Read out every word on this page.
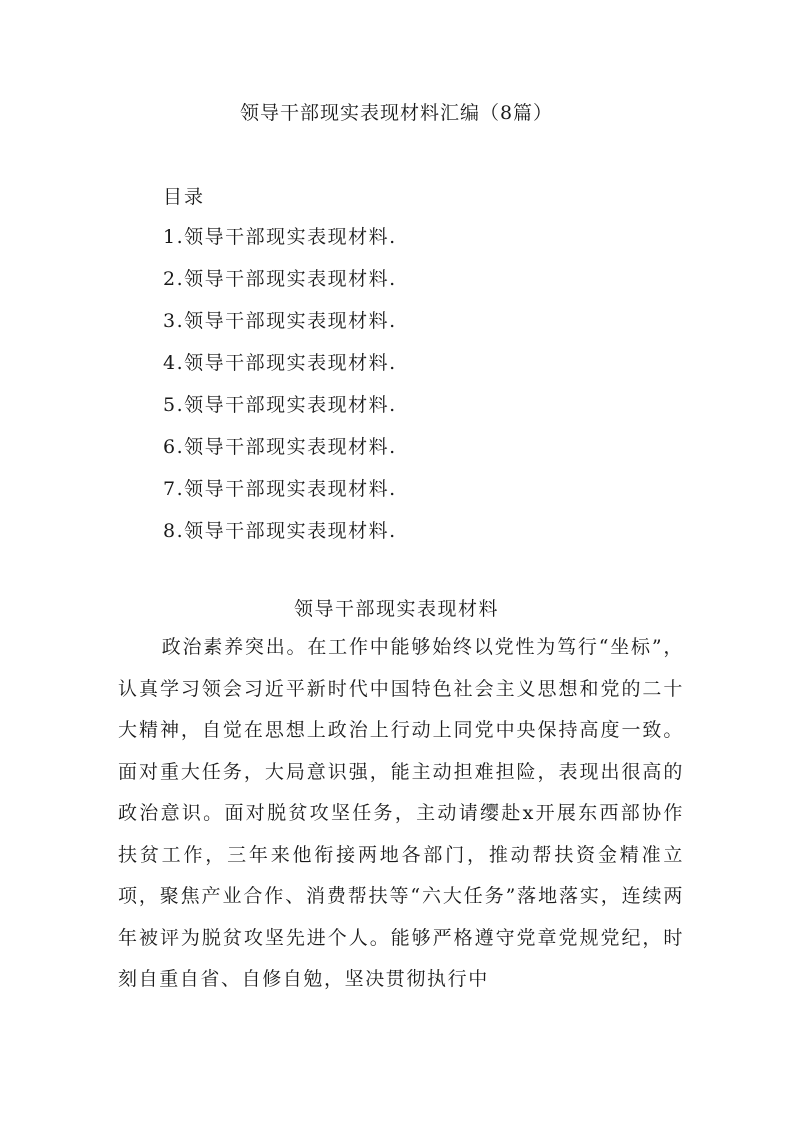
领导干部现实表现材料汇编（8篇）
目录
1.领导干部现实表现材料.
2.领导干部现实表现材料.
3.领导干部现实表现材料.
4.领导干部现实表现材料.
5.领导干部现实表现材料.
6.领导干部现实表现材料.
7.领导干部现实表现材料.
8.领导干部现实表现材料.
领导干部现实表现材料

政治素养突出。在工作中能够始终以党性为笃行“坐标”，认真学习领会习近平新时代中国特色社会主义思想和党的二十大精神，自觉在思想上政治上行动上同党中央保持高度一致。面对重大任务，大局意识强，能主动担难担险，表现出很高的政治意识。面对脱贫攻坚任务，主动请缨赴x开展东西部协作扶贫工作，三年来他衔接两地各部门，推动帮扶资金精准立项，聚焦产业合作、消费帮扶等“六大任务”落地落实，连续两年被评为脱贫攻坚先进个人。能够严格遵守党章党规党纪，时刻自重自省、自修自勉，坚决贯彻执行中
